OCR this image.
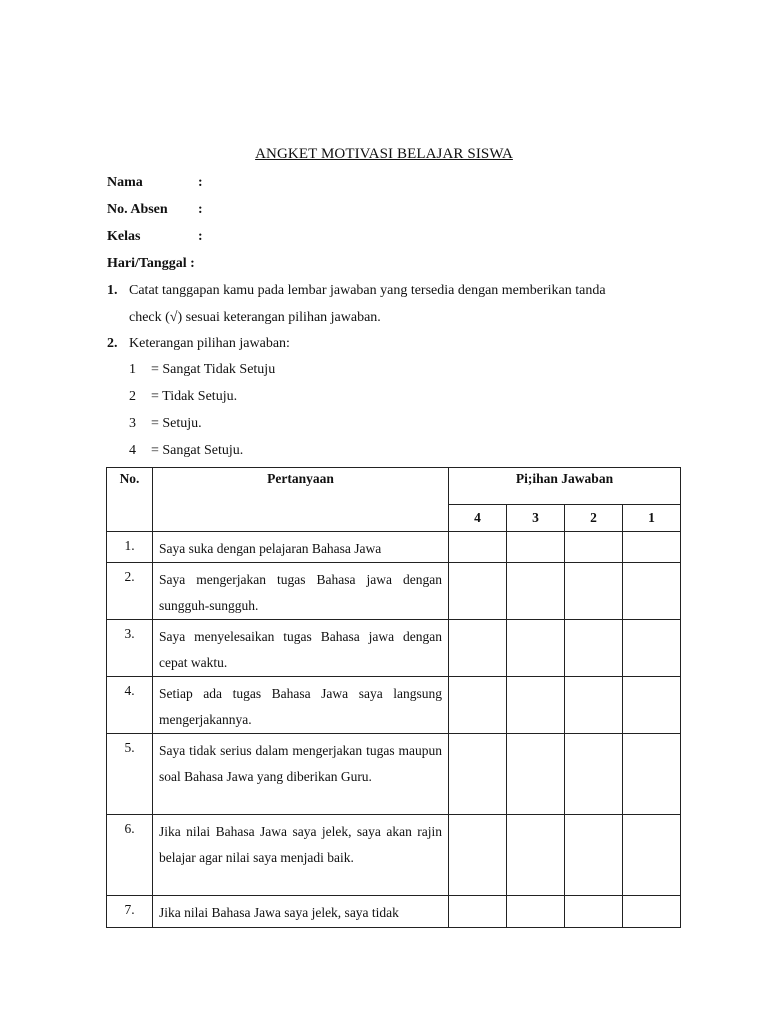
ANGKET MOTIVASI BELAJAR SISWA
Nama	:
No. Absen :
Kelas	:
Hari/Tanggal :
1. Catat tanggapan kamu pada lembar jawaban yang tersedia dengan memberikan tanda
check (√) sesuai keterangan pilihan jawaban.
2. Keterangan pilihan jawaban:
1 = Sangat Tidak Setuju
2 = Tidak Setuju.
3 = Setuju.
4 = Sangat Setuju.
No.	Pertanyaan	Pi;ihan Jawaban			
		4	3	2	1
1.	Saya suka dengan pelajaran Bahasa Jawa				
2.	Saya mengerjakan tugas Bahasa jawa dengan sungguh-sungguh.				
3.	Saya menyelesaikan tugas Bahasa jawa dengan cepat waktu.				
4.	Setiap ada tugas Bahasa Jawa saya langsung mengerjakannya.				
5.	Saya tidak serius dalam mengerjakan tugas maupun soal Bahasa Jawa yang diberikan Guru.				
6.	Jika nilai Bahasa Jawa saya jelek, saya akan rajin belajar agar nilai saya menjadi baik.				
7.	Jika nilai Bahasa Jawa saya jelek, saya tidak				
